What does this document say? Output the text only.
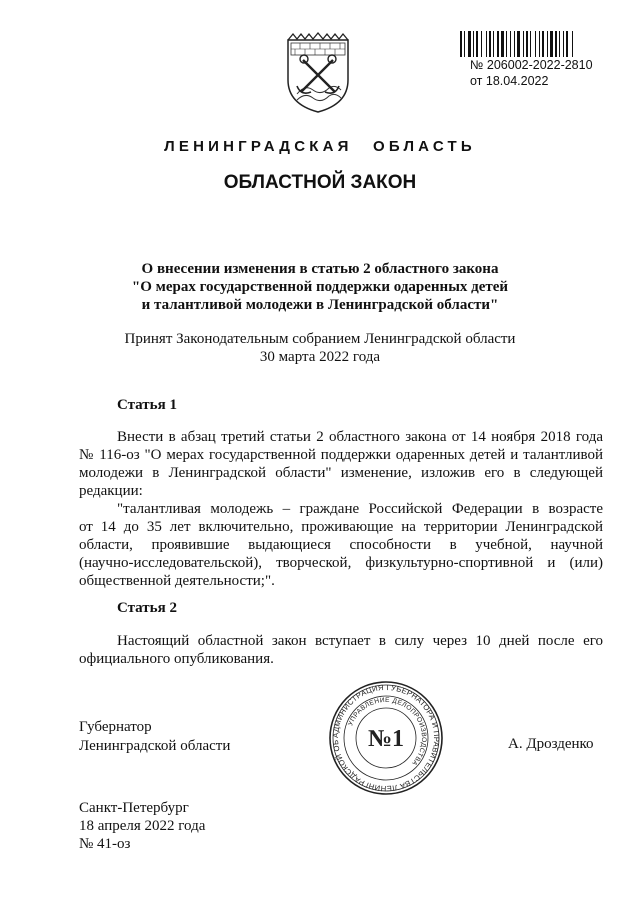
№ 206002-2022-2810
от 18.04.2022
ЛЕНИНГРАДСКАЯ ОБЛАСТЬ
ОБЛАСТНОЙ ЗАКОН
О внесении изменения в статью 2 областного закона
"О мерах государственной поддержки одаренных детей
и талантливой молодежи в Ленинградской области"
Принят Законодательным собранием Ленинградской области
30 марта 2022 года
Статья 1
Внести в абзац третий статьи 2 областного закона от 14 ноября 2018 года
№ 116-оз "О мерах государственной поддержки одаренных детей и талантливой
молодежи в Ленинградской области" изменение, изложив его в следующей
редакции:
"талантливая молодежь – граждане Российской Федерации в возрасте
от 14 до 35 лет включительно, проживающие на территории Ленинградской
области, проявившие выдающиеся способности в учебной, научной
(научно-исследовательской), творческой, физкультурно-спортивной и (или)
общественной деятельности;".
Статья 2
Настоящий областной закон вступает в силу через 10 дней после его
официального опубликования.
Губернатор
Ленинградской области
АДМИНИСТРАЦИЯ ГУБЕРНАТОРА И ПРАВИТЕЛЬСТВА ЛЕНИНГРАДСКОЙ ОБ
УПРАВЛЕНИЕ ДЕЛОПРОИЗВОДСТВА
№1	А. Дрозденко
Санкт-Петербург
18 апреля 2022 года
№ 41-оз
